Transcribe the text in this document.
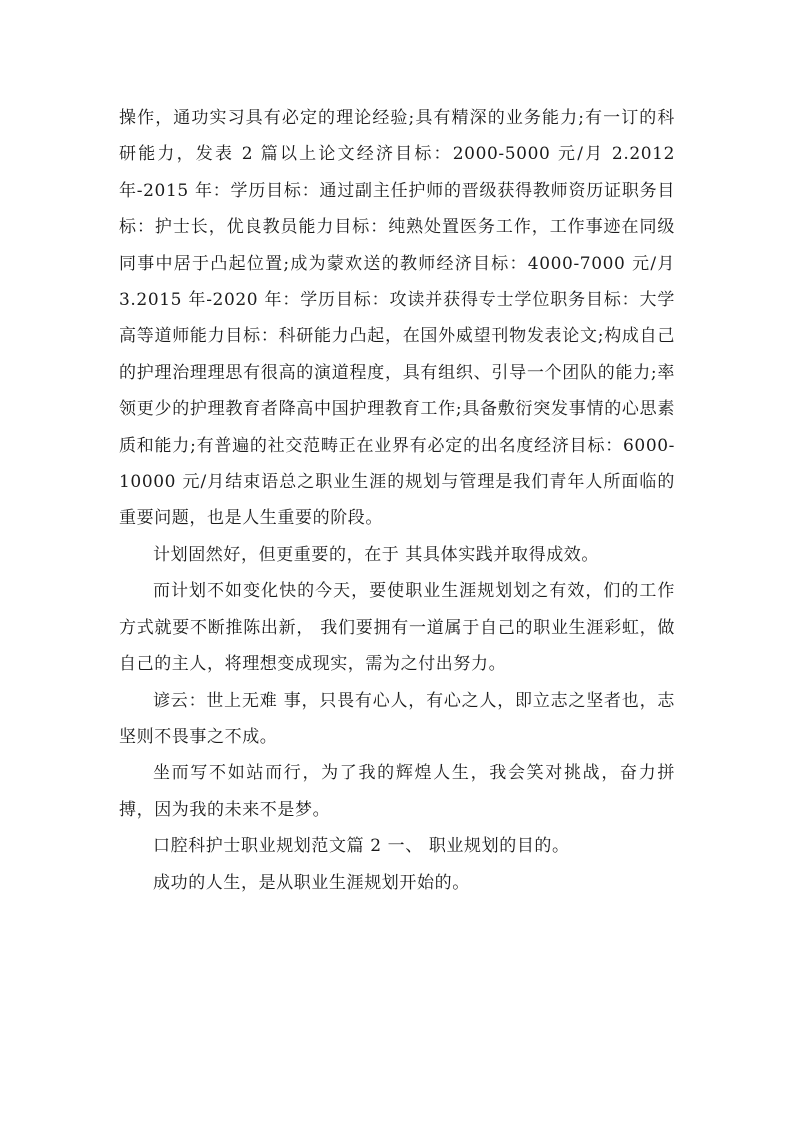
操作，通功实习具有必定的理论经验;具有精深的业务能力;有一订的科研能力，发表 2 篇以上论文经济目标：2000-5000 元/月 2.2012 年-2015 年：学历目标：通过副主任护师的晋级获得教师资历证职务目标：护士长，优良教员能力目标：纯熟处置医务工作，工作事迹在同级同事中居于凸起位置;成为蒙欢送的教师经济目标：4000-7000 元/月 3.2015 年-2020 年：学历目标：攻读并获得专士学位职务目标：大学高等道师能力目标：科研能力凸起，在国外威望刊物发表论文;构成自己的护理治理理思有很高的演道程度，具有组织、引导一个团队的能力;率领更少的护理教育者降高中国护理教育工作;具备敷衍突发事情的心思素质和能力;有普遍的社交范畴正在业界有必定的出名度经济目标：6000-10000 元/月结束语总之职业生涯的规划与管理是我们青年人所面临的重要问题，也是人生重要的阶段。

计划固然好，但更重要的，在于 其具体实践并取得成效。

而计划不如变化快的今天，要使职业生涯规划划之有效，们的工作方式就要不断推陈出新， 我们要拥有一道属于自己的职业生涯彩虹，做自己的主人，将理想变成现实，需为之付出努力。

谚云：世上无难 事，只畏有心人，有心之人，即立志之坚者也，志坚则不畏事之不成。

坐而写不如站而行，为了我的辉煌人生，我会笑对挑战，奋力拼搏，因为我的未来不是梦。

口腔科护士职业规划范文篇 2 一、 职业规划的目的。

成功的人生，是从职业生涯规划开始的。
